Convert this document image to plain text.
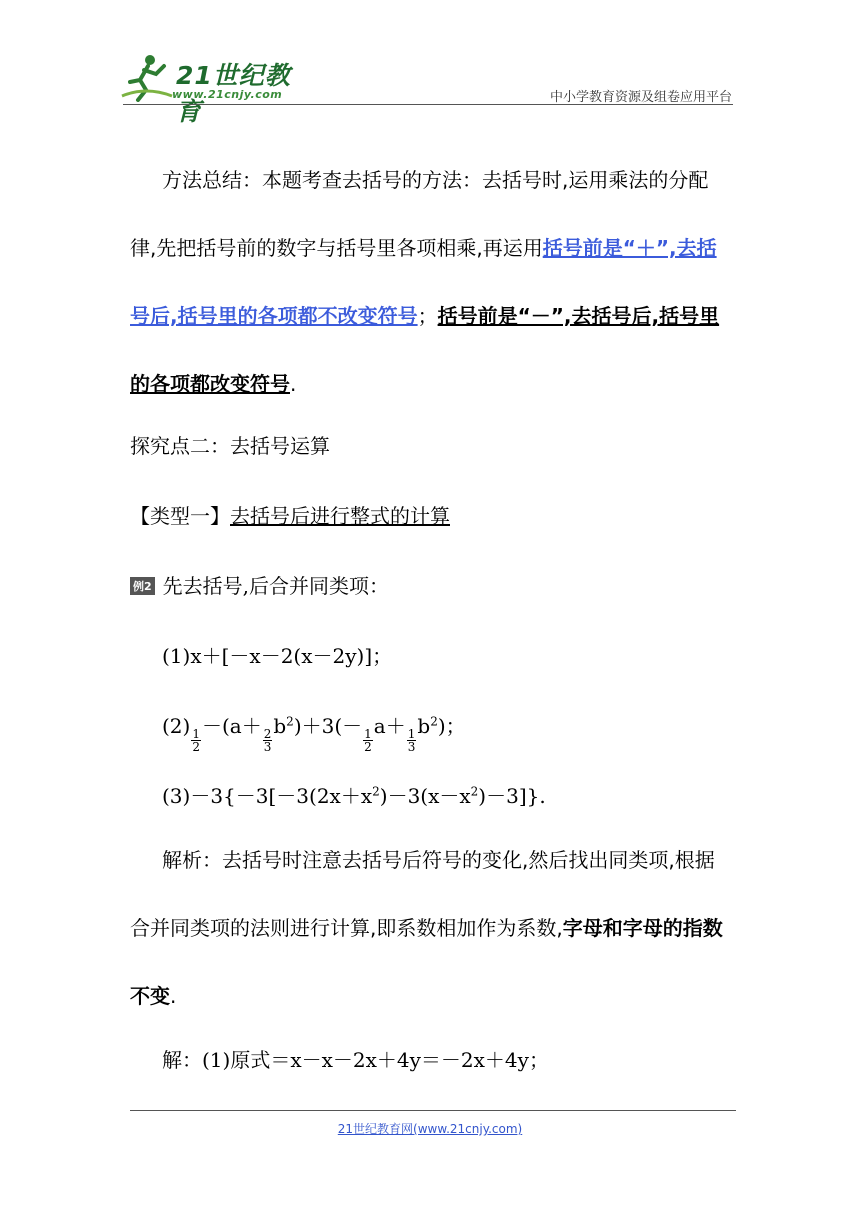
21世纪教育
www.21cnjy.com	中小学教育资源及组卷应用平台
方法总结：本题考查去括号的方法：去括号时,运用乘法的分配律,先把括号前的数字与括号里各项相乘,再运用括号前是“＋”,去括号后,括号里的各项都不改变符号；括号前是“－”,去括号后,括号里的各项都改变符号.
探究点二：去括号运算
【类型一】去括号后进行整式的计算
例2 先去括号,后合并同类项：
(1)x＋[－x－2(x－2y)]；
(2)
$\frac{1}{2}$
－(a＋
$\frac{2}{3}$
$b^2)+3(-$
$\frac{1}{2}$
a＋
$\frac{1}{3}$
$b^2$)；
$(3)-3\{-3[-3(2x+x^2)-3(x-x^2)-3]\}$.
解析：去括号时注意去括号后符号的变化,然后找出同类项,根据合并同类项的法则进行计算,即系数相加作为系数,字母和字母的指数不变.
解：(1)原式＝x－x－2x＋4y＝－2x＋4y；
21世纪教育网(www.21cnjy.com)
